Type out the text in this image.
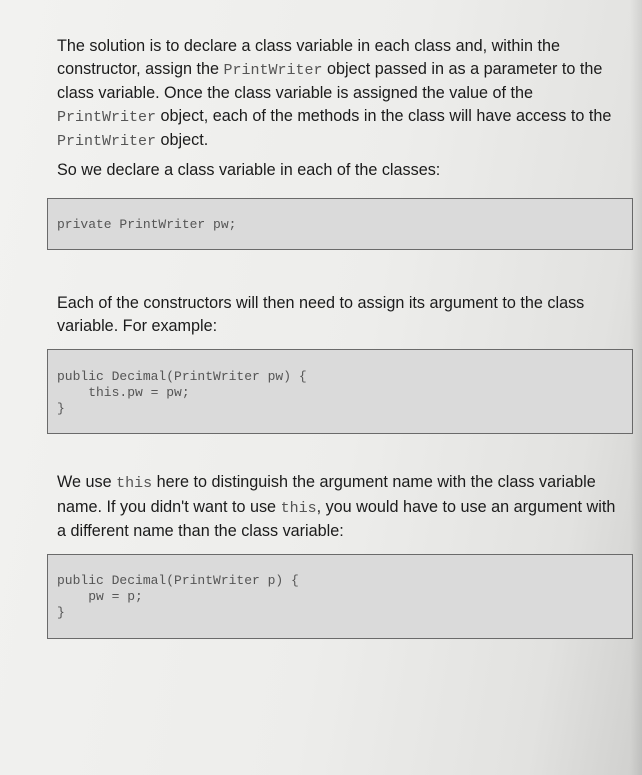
The solution is to declare a class variable in each class and, within the constructor, assign the PrintWriter object passed in as a parameter to the class variable. Once the class variable is assigned the value of the PrintWriter object, each of the methods in the class will have access to the PrintWriter object.

So we declare a class variable in each of the classes:

private PrintWriter pw;

Each of the constructors will then need to assign its argument to the class variable. For example:

public Decimal(PrintWriter pw) {
this.pw = pw;
}

We use this here to distinguish the argument name with the class variable name. If you didn't want to use this, you would have to use an argument with a different name than the class variable:

public Decimal(PrintWriter p) {
pw = p;
}
